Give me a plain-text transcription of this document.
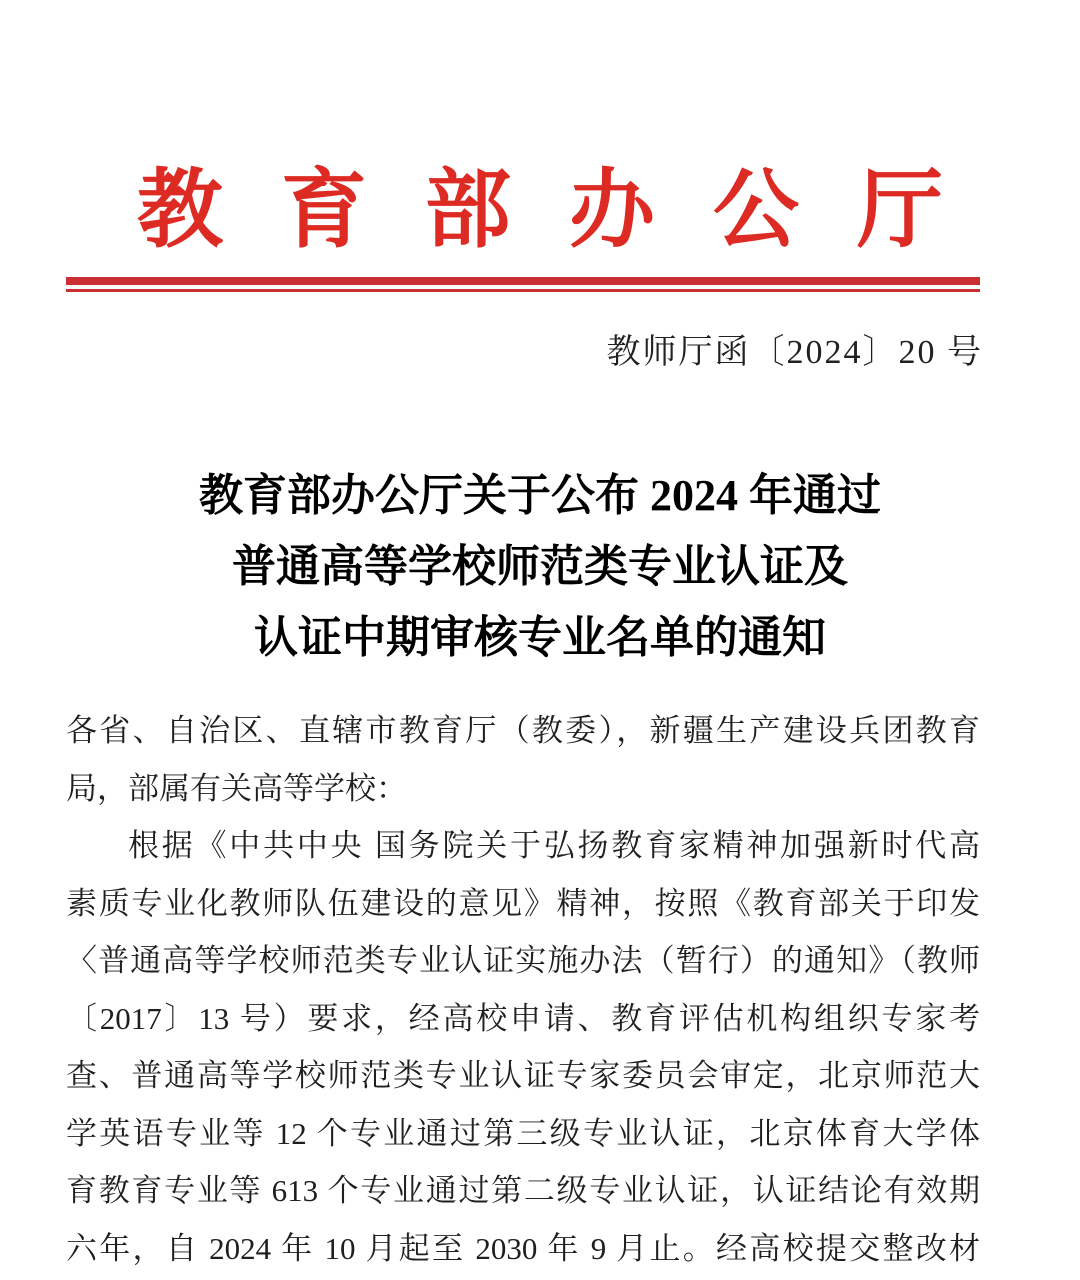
教育部办公厅
教师厅函〔2024〕20 号
教育部办公厅关于公布 2024 年通过
普通高等学校师范类专业认证及
认证中期审核专业名单的通知
各省、自治区、直辖市教育厅（教委），新疆生产建设兵团教育
局，部属有关高等学校：
根据《中共中央 国务院关于弘扬教育家精神加强新时代高
素质专业化教师队伍建设的意见》精神，按照《教育部关于印发
〈普通高等学校师范类专业认证实施办法（暂行）的通知》（教师
〔2017〕13 号）要求，经高校申请、教育评估机构组织专家考
查、普通高等学校师范类专业认证专家委员会审定，北京师范大
学英语专业等 12 个专业通过第三级专业认证，北京体育大学体
育教育专业等 613 个专业通过第二级专业认证，认证结论有效期
六年，自 2024 年 10 月起至 2030 年 9 月止。经高校提交整改材
